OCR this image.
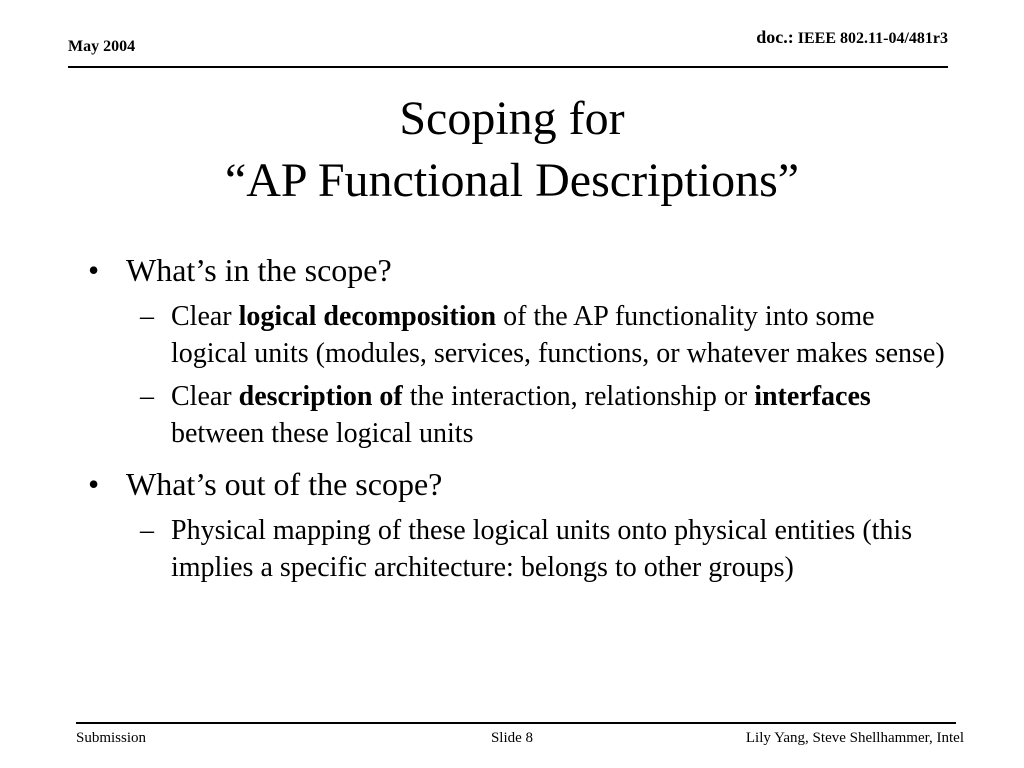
May 2004	doc.: IEEE 802.11-04/481r3
Scoping for
“AP Functional Descriptions”
• What’s in the scope?
– Clear logical decomposition of the AP functionality into some logical units (modules, services, functions, or whatever makes sense)
– Clear description of the interaction, relationship or interfaces between these logical units
• What’s out of the scope?
– Physical mapping of these logical units onto physical entities (this implies a specific architecture: belongs to other groups)
Submission	Slide 8	Lily Yang, Steve Shellhammer, Intel
